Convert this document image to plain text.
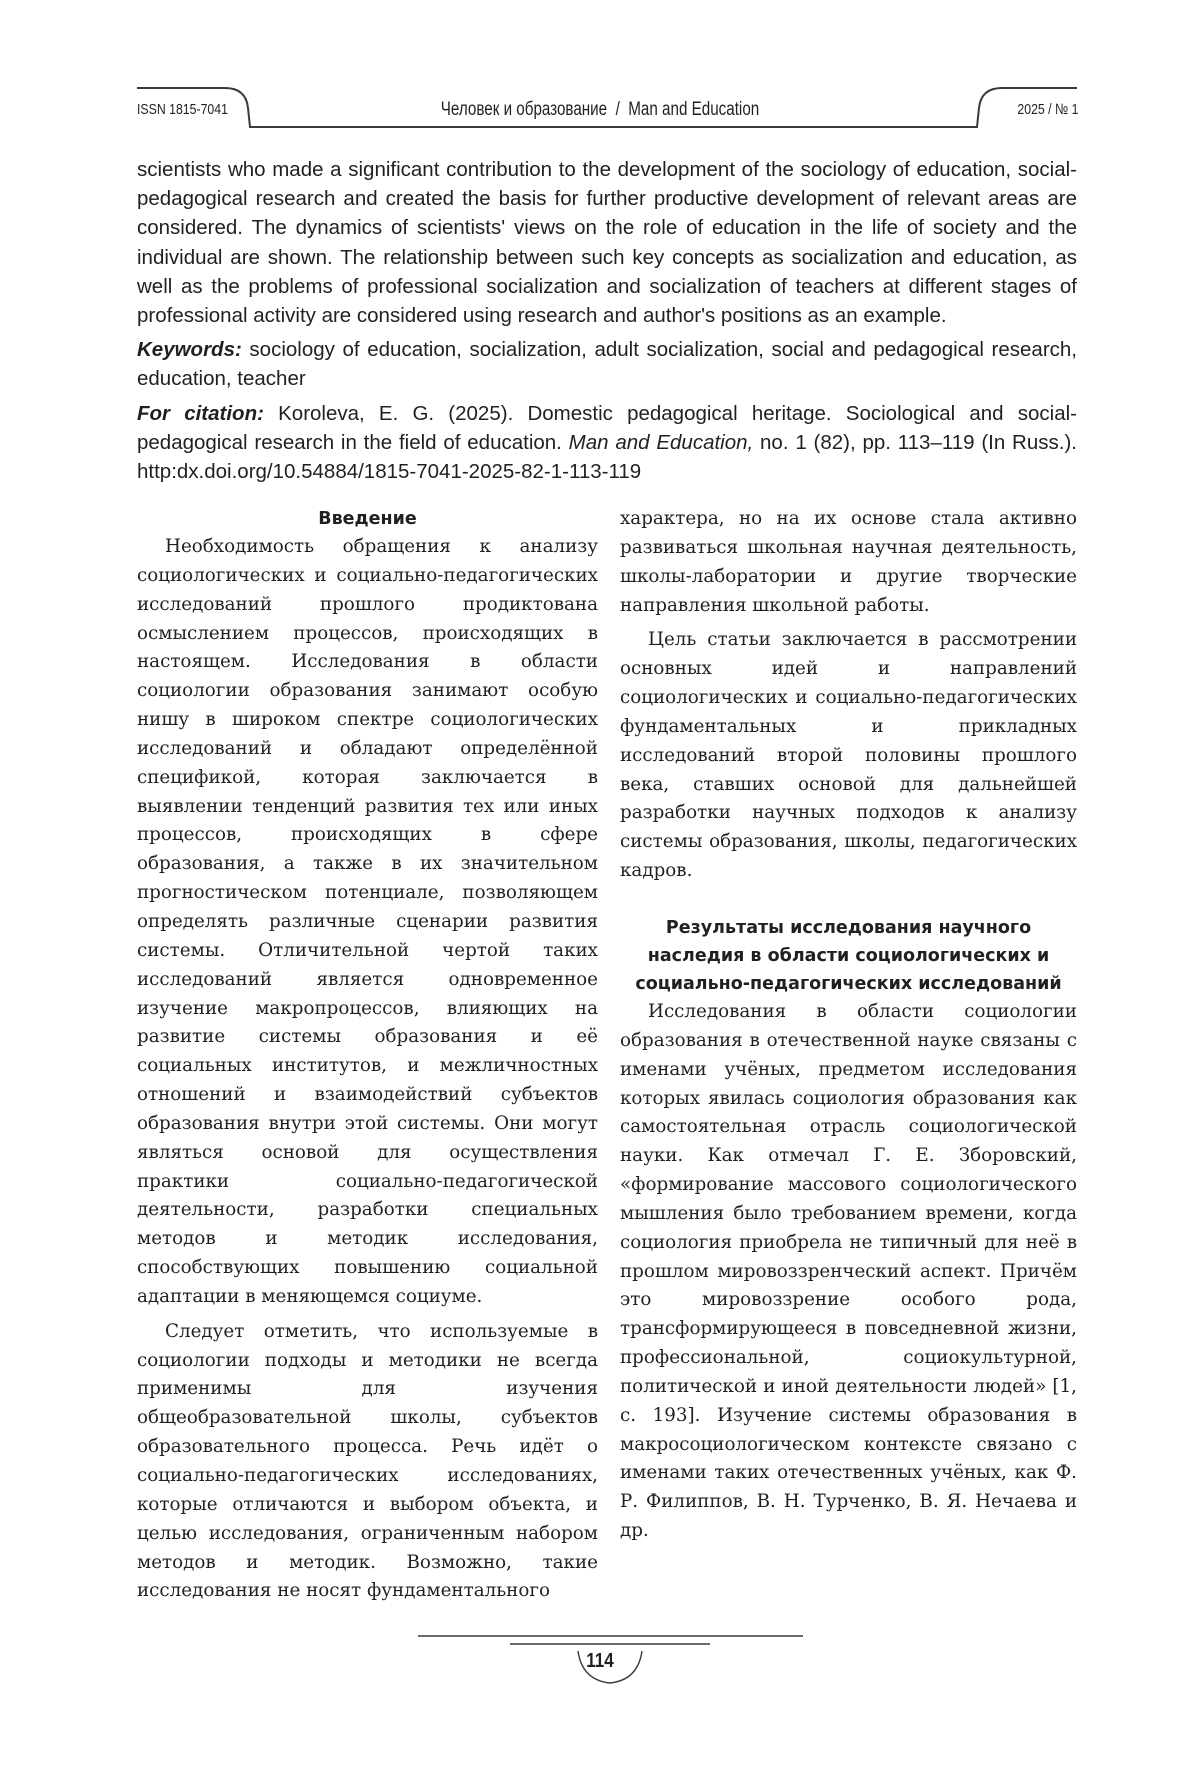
ISSN 1815-7041	Человек и образование  /  Man and Education	2025 / № 1

scientists who made a significant contribution to the development of the sociology of education, social-pedagogical research and created the basis for further productive development of relevant areas are considered. The dynamics of scientists' views on the role of education in the life of society and the individual are shown. The relationship between such key concepts as socialization and education, as well as the problems of professional socialization and socialization of teachers at different stages of professional activity are considered using research and author's positions as an example.

Keywords: sociology of education, socialization, adult socialization, social and pedagogical research, education, teacher

For citation: Koroleva, E. G. (2025). Domestic pedagogical heritage. Sociological and social-pedagogical research in the field of education. Man and Education, no. 1 (82), pp. 113–119 (In Russ.). http:dx.doi.org/10.54884/1815-7041-2025-82-1-113-119

Введение

Необходимость обращения к анализу социологических и социально-педагогических исследований прошлого продиктована осмыслением процессов, происходящих в настоящем. Исследования в области социологии образования занимают особую нишу в широком спектре социологических исследований и обладают определённой спецификой, которая заключается в выявлении тенденций развития тех или иных процессов, происходящих в сфере образования, а также в их значительном прогностическом потенциале, позволяющем определять различные сценарии развития системы. Отличительной чертой таких исследований является одновременное изучение макропроцессов, влияющих на развитие системы образования и её социальных институтов, и межличностных отношений и взаимодействий субъектов образования внутри этой системы. Они могут являться основой для осуществления практики социально-педагогической деятельности, разработки специальных методов и методик исследования, способствующих повышению социальной адаптации в меняющемся социуме.

Следует отметить, что используемые в социологии подходы и методики не всегда применимы для изучения общеобразовательной школы, субъектов образовательного процесса. Речь идёт о социально-педагогических исследованиях, которые отличаются и выбором объекта, и целью исследования, ограниченным набором методов и методик. Возможно, такие исследования не носят фундаментального

характера, но на их основе стала активно развиваться школьная научная деятельность, школы-лаборатории и другие творческие направления школьной работы.

Цель статьи заключается в рассмотрении основных идей и направлений социологических и социально-педагогических фундаментальных и прикладных исследований второй половины прошлого века, ставших основой для дальнейшей разработки научных подходов к анализу системы образования, школы, педагогических кадров.

Результаты исследования научного наследия в области социологических и социально-педагогических исследований

Исследования в области социологии образования в отечественной науке связаны с именами учёных, предметом исследования которых явилась социология образования как самостоятельная отрасль социологической науки. Как отмечал Г. Е. Зборовский, «формирование массового социологического мышления было требованием времени, когда социология приобрела не типичный для неё в прошлом мировоззренческий аспект. Причём это мировоззрение особого рода, трансформирующееся в повседневной жизни, профессиональной, социокультурной, политической и иной деятельности людей» [1, с. 193]. Изучение системы образования в макросоциологическом контексте связано с именами таких отечественных учёных, как Ф. Р. Филиппов, В. Н. Турченко, В. Я. Нечаева и др.

114
